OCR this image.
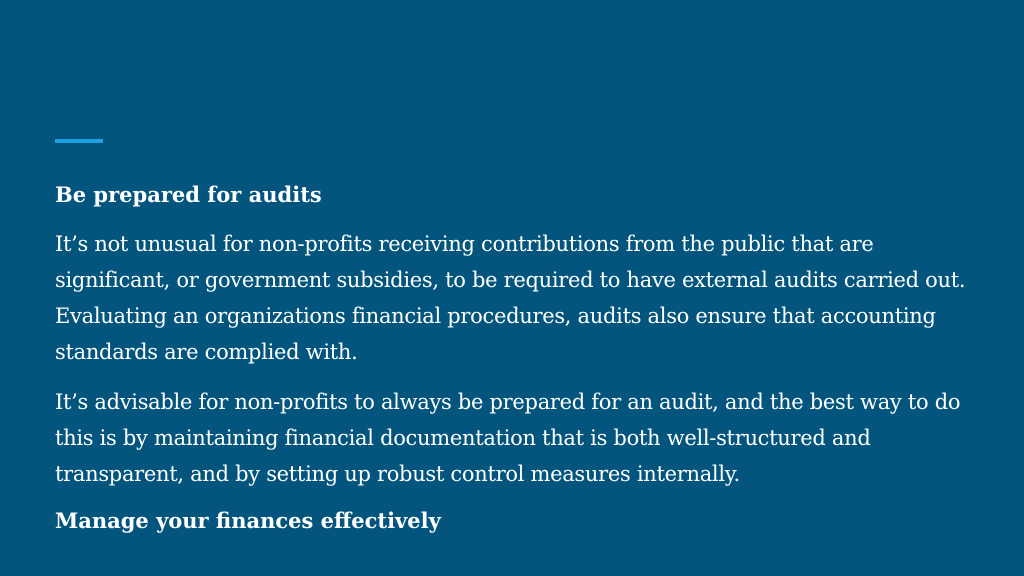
Be prepared for audits

It’s not unusual for non-profits receiving contributions from the public that are significant, or government subsidies, to be required to have external audits carried out. Evaluating an organizations financial procedures, audits also ensure that accounting standards are complied with.

It’s advisable for non-profits to always be prepared for an audit, and the best way to do this is by maintaining financial documentation that is both well-structured and transparent, and by setting up robust control measures internally.

Manage your finances effectively
